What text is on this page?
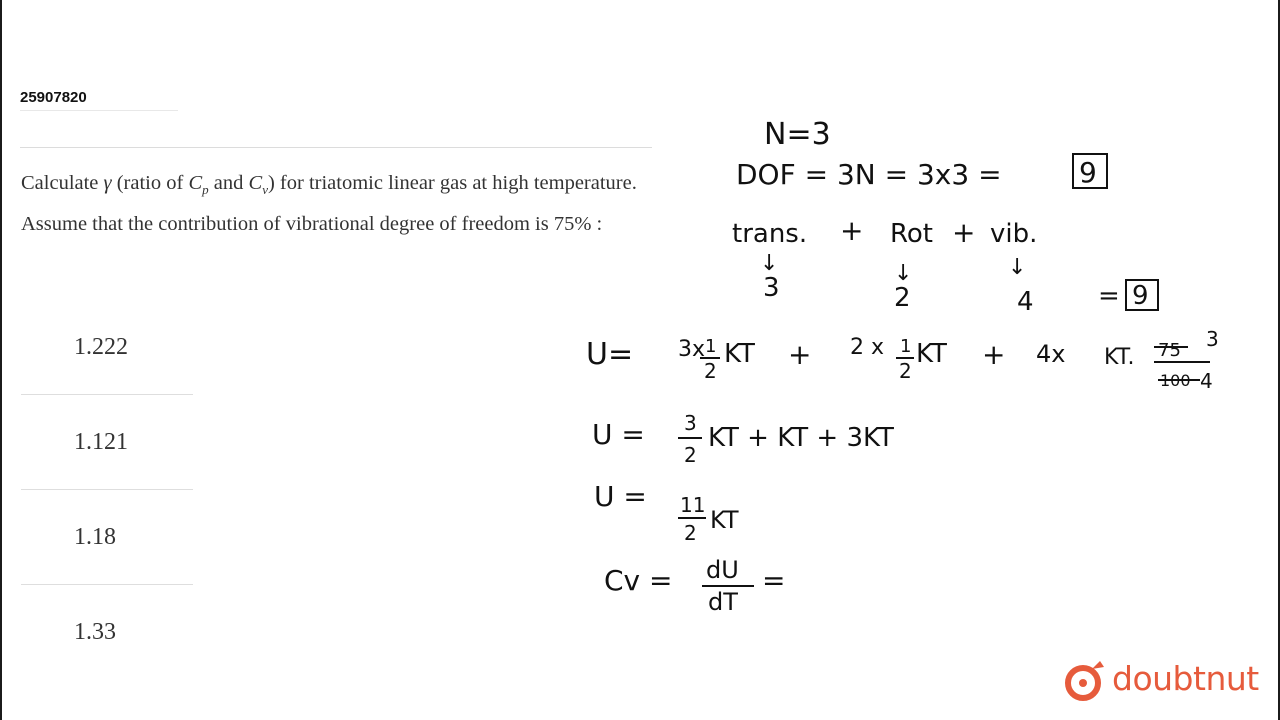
25907820
Calculate γ (ratio of $C_p$ and $C_v$) for triatomic linear gas at high temperature. Assume that the contribution of vibrational degree of freedom is 75% :
1.222
1.121
1.18
1.33
N=3
DOF = 3N = 3x3 =	9
trans. + Rot + vib.
↓	↓	↓
3	2	4 = 9
U= 3x 1
2
KT + 2 x 1
2
KT + 4x KT. 75
100 4
3
U = 3
2
KT + KT + 3KT
U = 11
2 KT
Cv = dU
dT
=
doubtnut
